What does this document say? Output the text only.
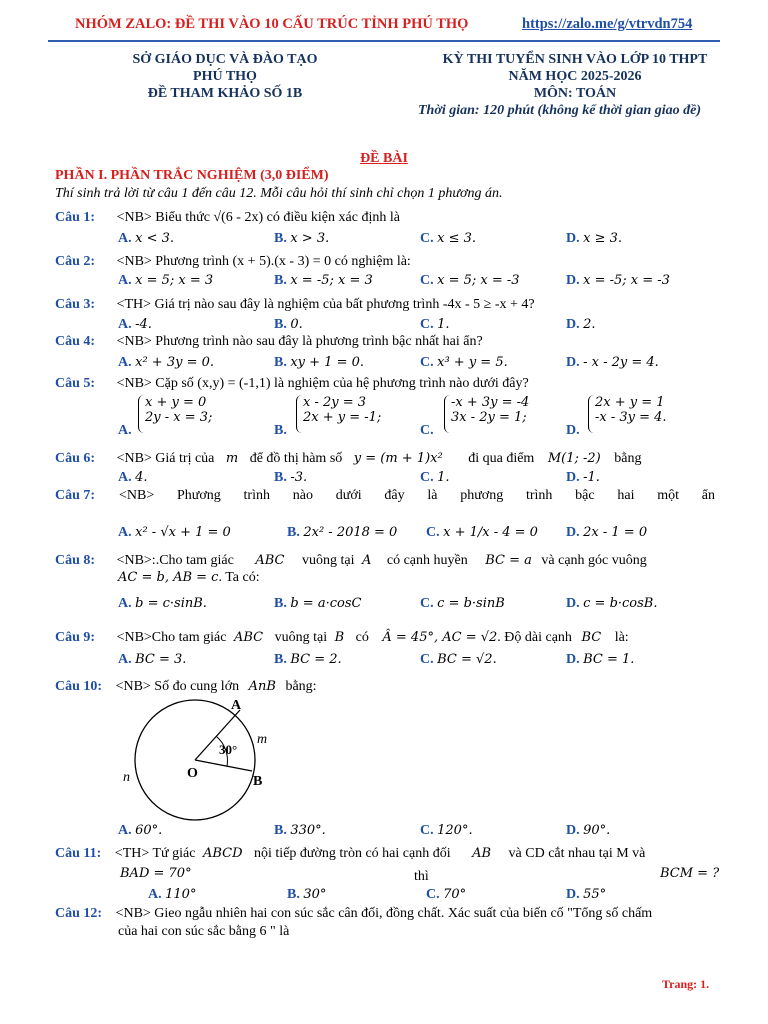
NHÓM ZALO: ĐỀ THI VÀO 10 CẤU TRÚC TỈNH PHÚ THỌ	https://zalo.me/g/vtrvdn754
SỞ GIÁO DỤC VÀ ĐÀO TẠO
PHÚ THỌ
ĐỀ THAM KHẢO SỐ 1B
KỲ THI TUYỂN SINH VÀO LỚP 10 THPT
NĂM HỌC 2025-2026
MÔN: TOÁN
Thời gian: 120 phút (không kể thời gian giao đề)
ĐỀ BÀI
PHẦN I. PHẦN TRẮC NGHIỆM (3,0 ĐIỂM)
Thí sinh trả lời từ câu 1 đến câu 12. Mỗi câu hỏi thí sinh chỉ chọn 1 phương án.
Câu 1: <NB> Biểu thức √(6 - 2x) có điều kiện xác định là
A. x < 3.	B. x > 3.	C. x ≤ 3.	D. x ≥ 3.
Câu 2: <NB> Phương trình (x + 5).(x - 3) = 0 có nghiệm là:
A. x = 5; x = 3	B. x = -5; x = 3	C. x = 5; x = -3	D. x = -5; x = -3
Câu 3: <TH> Giá trị nào sau đây là nghiệm của bất phương trình -4x - 5 ≥ -x + 4?
A. -4.	B. 0.	C. 1.	D. 2.
Câu 4: <NB> Phương trình nào sau đây là phương trình bậc nhất hai ẩn?
A. x² + 3y = 0.	B. xy + 1 = 0.	C. x³ + y = 5.	D. - x - 2y = 4.
Câu 5: <NB> Cặp số (x,y) = (-1,1) là nghiệm của hệ phương trình nào dưới đây?
A.
x + y = 0
2y - x = 3;
B.
x - 2y = 3
2x + y = -1;
C.
-x + 3y = -4
3x - 2y = 1;
D.
2x + y = 1
-x - 3y = 4.
Câu 6: <NB> Giá trị của m để đồ thị hàm số y = (m + 1)x² đi qua điểm M(1; -2) bằng
A. 4.	B. -3.	C. 1.	D. -1.
Câu 7: <NB> Phương trình nào dưới đây là phương trình bậc hai một ẩn
A. x² - √x + 1 = 0	B. 2x² - 2018 = 0 C. x + 1/x - 4 = 0 D. 2x - 1 = 0
Câu 8: <NB>:.Cho tam giác ABC vuông tại A có cạnh huyền BC = a và cạnh góc vuông
AC = b, AB = c. Ta có:
A. b = c·sinB.	B. b = a·cosC	C. c = b·sinB	D. c = b·cosB.
Câu 9: <NB>Cho tam giác ABC vuông tại B có Â = 45°, AC = √2. Độ dài cạnh BC là:
A. BC = 3.	B. BC = 2.	C. BC = √2.	D. BC = 1.
Câu 10: <NB> Số đo cung lớn AnB bằng:
A
B
O
m
n
30°
A. 60°.	B. 330°.	C. 120°.	D. 90°.
Câu 11: <TH> Tứ giác ABCD nội tiếp đường tròn có hai cạnh đối AB và CD cắt nhau tại M và
BAD = 70°	thì	BCM = ?
A. 110°	B. 30°	C. 70°	D. 55°
Câu 12: <NB> Gieo ngẫu nhiên hai con súc sắc cân đối, đồng chất. Xác suất của biến cố "Tổng số chấm
của hai con súc sắc bằng 6 " là
Trang: 1.
